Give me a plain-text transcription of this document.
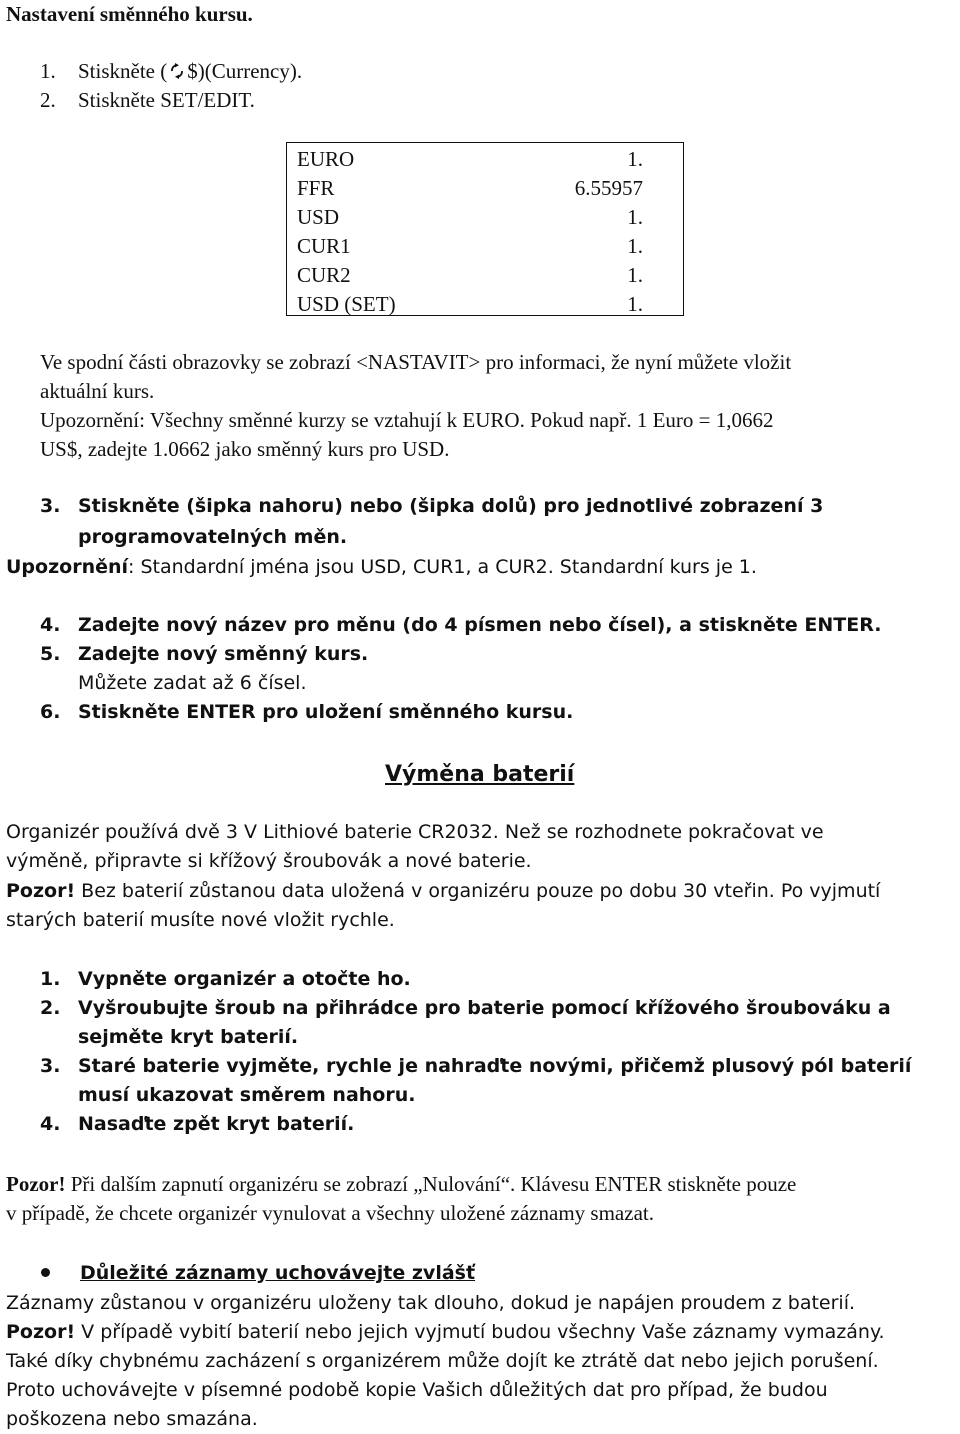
Nastavení směnného kursu.
1. Stiskněte ( $)(Currency).
2. Stiskněte SET/EDIT.
EURO	1.
FFR	6.55957
USD	1.
CUR1	1.
CUR2	1.
USD (SET)	1.
Ve spodní části obrazovky se zobrazí <NASTAVIT> pro informaci, že nyní můžete vložit
aktuální kurs.
Upozornění: Všechny směnné kurzy se vztahují k EURO. Pokud např. 1 Euro = 1,0662
US$, zadejte 1.0662 jako směnný kurs pro USD.
3. Stiskněte (šipka nahoru) nebo (šipka dolů) pro jednotlivé zobrazení 3
programovatelných měn.
Upozornění: Standardní jména jsou USD, CUR1, a CUR2. Standardní kurs je 1.
4. Zadejte nový název pro měnu (do 4 písmen nebo čísel), a stiskněte ENTER.
5. Zadejte nový směnný kurs.
Můžete zadat až 6 čísel.
6. Stiskněte ENTER pro uložení směnného kursu.
Výměna baterií
Organizér používá dvě 3 V Lithiové baterie CR2032. Než se rozhodnete pokračovat ve
výměně, připravte si křížový šroubovák a nové baterie.
Pozor! Bez baterií zůstanou data uložená v organizéru pouze po dobu 30 vteřin. Po vyjmutí
starých baterií musíte nové vložit rychle.
1. Vypněte organizér a otočte ho.
2. Vyšroubujte šroub na přihrádce pro baterie pomocí křížového šroubováku a
sejměte kryt baterií.
3. Staré baterie vyjměte, rychle je nahraďte novými, přičemž plusový pól baterií
musí ukazovat směrem nahoru.
4. Nasaďte zpět kryt baterií.
Pozor! Při dalším zapnutí organizéru se zobrazí „Nulování“. Klávesu ENTER stiskněte pouze
v případě, že chcete organizér vynulovat a všechny uložené záznamy smazat.
Důležité záznamy uchovávejte zvlášť
Záznamy zůstanou v organizéru uloženy tak dlouho, dokud je napájen proudem z baterií.
Pozor! V případě vybití baterií nebo jejich vyjmutí budou všechny Vaše záznamy vymazány.
Také díky chybnému zacházení s organizérem může dojít ke ztrátě dat nebo jejich porušení.
Proto uchovávejte v písemné podobě kopie Vašich důležitých dat pro případ, že budou
poškozena nebo smazána.
